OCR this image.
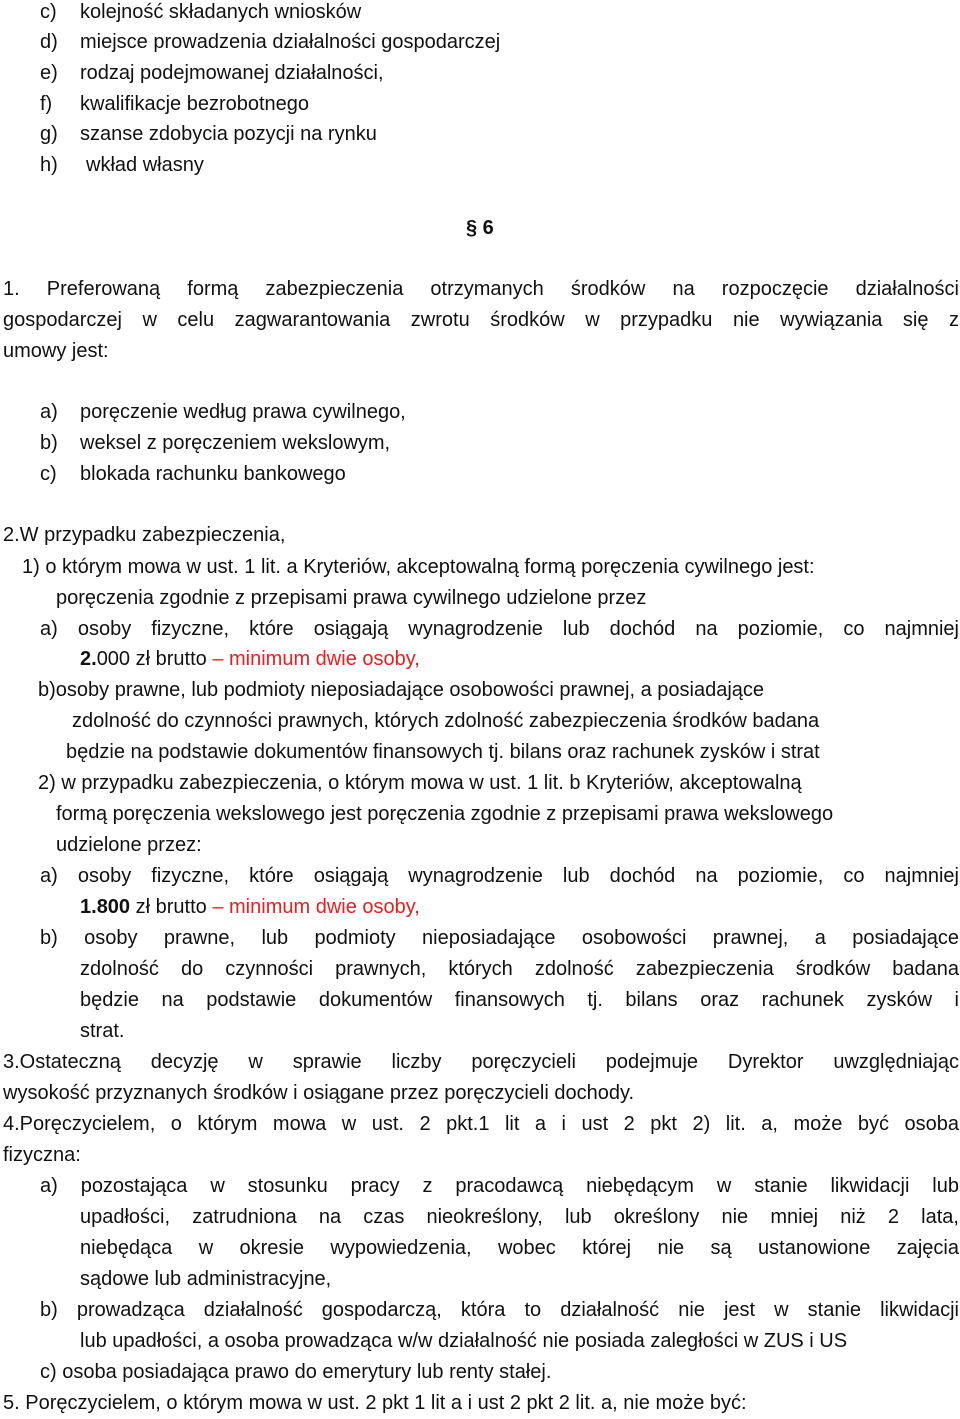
c) kolejność składanych wniosków
d) miejsce prowadzenia działalności gospodarczej
e) rodzaj podejmowanej działalności,
f) kwalifikacje bezrobotnego
g) szanse zdobycia pozycji na rynku
h) wkład własny
§ 6
1. Preferowaną formą zabezpieczenia otrzymanych środków na rozpoczęcie działalności
gospodarczej w celu zagwarantowania zwrotu środków w przypadku nie wywiązania się z
umowy jest:
a) poręczenie według prawa cywilnego,
b) weksel z poręczeniem wekslowym,
c) blokada rachunku bankowego
2.W przypadku zabezpieczenia,
1) o którym mowa w ust. 1 lit. a Kryteriów, akceptowalną formą poręczenia cywilnego jest:
poręczenia zgodnie z przepisami prawa cywilnego udzielone przez
a) osoby fizyczne, które osiągają wynagrodzenie lub dochód na poziomie, co najmniej
2.000 zł brutto – minimum dwie osoby,
b)osoby prawne, lub podmioty nieposiadające osobowości prawnej, a posiadające
zdolność do czynności prawnych, których zdolność zabezpieczenia środków badana
będzie na podstawie dokumentów finansowych tj. bilans oraz rachunek zysków i strat
2) w przypadku zabezpieczenia, o którym mowa w ust. 1 lit. b Kryteriów, akceptowalną
formą poręczenia wekslowego jest poręczenia zgodnie z przepisami prawa wekslowego
udzielone przez:
a) osoby fizyczne, które osiągają wynagrodzenie lub dochód na poziomie, co najmniej
1.800 zł brutto – minimum dwie osoby,
b) osoby prawne, lub podmioty nieposiadające osobowości prawnej, a posiadające
zdolność do czynności prawnych, których zdolność zabezpieczenia środków badana
będzie na podstawie dokumentów finansowych tj. bilans oraz rachunek zysków i
strat.
3.Ostateczną decyzję w sprawie liczby poręczycieli podejmuje Dyrektor uwzględniając
wysokość przyznanych środków i osiągane przez poręczycieli dochody.
4.Poręczycielem, o którym mowa w ust. 2 pkt.1 lit a i ust 2 pkt 2) lit. a, może być osoba
fizyczna:
a) pozostająca w stosunku pracy z pracodawcą niebędącym w stanie likwidacji lub
upadłości, zatrudniona na czas nieokreślony, lub określony nie mniej niż 2 lata,
niebędąca w okresie wypowiedzenia, wobec której nie są ustanowione zajęcia
sądowe lub administracyjne,
b) prowadząca działalność gospodarczą, która to działalność nie jest w stanie likwidacji
lub upadłości, a osoba prowadząca w/w działalność nie posiada zaległości w ZUS i US
c) osoba posiadająca prawo do emerytury lub renty stałej.
5. Poręczycielem, o którym mowa w ust. 2 pkt 1 lit a i ust 2 pkt 2 lit. a, nie może być:
